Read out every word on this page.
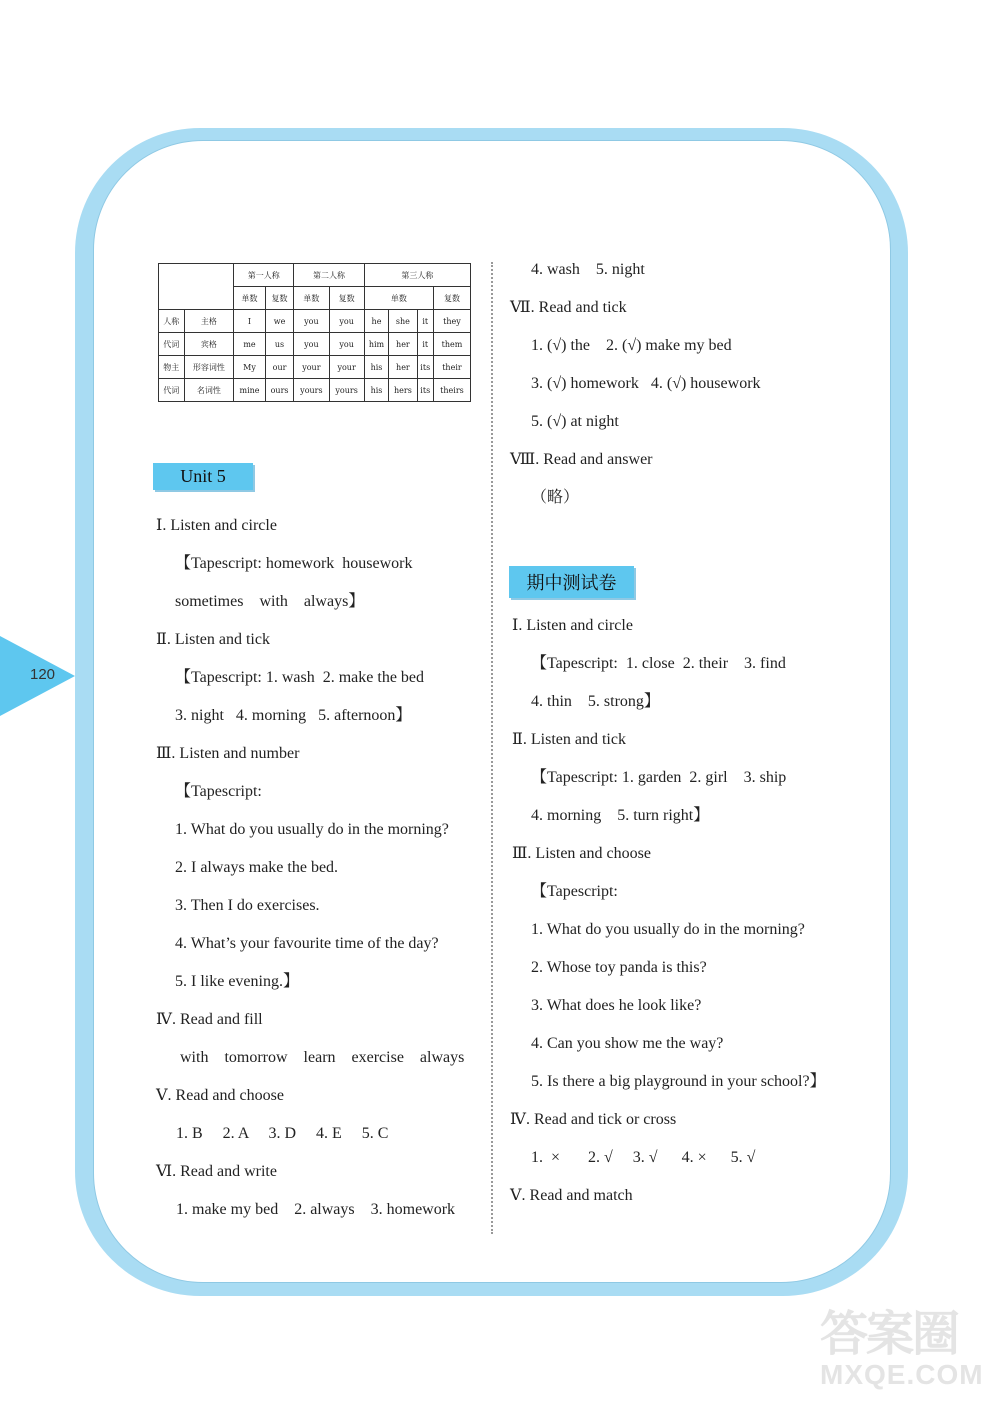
120
		第一人称		第二人称		第三人称			
		单数	复数	单数	复数	单数			复数
人称	主格	I	we	you	you	he	she	it	they
代词	宾格	me	us	you	you	him	her	it	them
物主	形容词性	My	our	your	your	his	her	its	their
代词	名词性	mine	ours	yours	yours	his	hers	its	theirs
Unit 5
Ⅰ. Listen and circle
【Tapescript: homework  housework
sometimes    with    always】
Ⅱ. Listen and tick
【Tapescript: 1. wash  2. make the bed
3. night   4. morning   5. afternoon】
Ⅲ. Listen and number
【Tapescript:
1. What do you usually do in the morning?
2. I always make the bed.
3. Then I do exercises.
4. What’s your favourite time of the day?
5. I like evening.】
Ⅳ. Read and fill
with    tomorrow    learn    exercise    always
Ⅴ. Read and choose
1. B     2. A     3. D     4. E     5. C
Ⅵ. Read and write
1. make my bed    2. always    3. homework
4. wash    5. night
Ⅶ. Read and tick
1. (√) the    2. (√) make my bed
3. (√) homework   4. (√) housework
5. (√) at night
Ⅷ. Read and answer
（略）
期中测试卷
Ⅰ. Listen and circle
【Tapescript:  1. close  2. their    3. find
4. thin    5. strong】
Ⅱ. Listen and tick
【Tapescript: 1. garden  2. girl    3. ship
4. morning    5. turn right】
Ⅲ. Listen and choose
【Tapescript:
1. What do you usually do in the morning?
2. Whose toy panda is this?
3. What does he look like?
4. Can you show me the way?
5. Is there a big playground in your school?】
Ⅳ. Read and tick or cross
1.  ×       2. √     3. √      4. ×      5. √
Ⅴ. Read and match
答案圈
MXQE.COM
